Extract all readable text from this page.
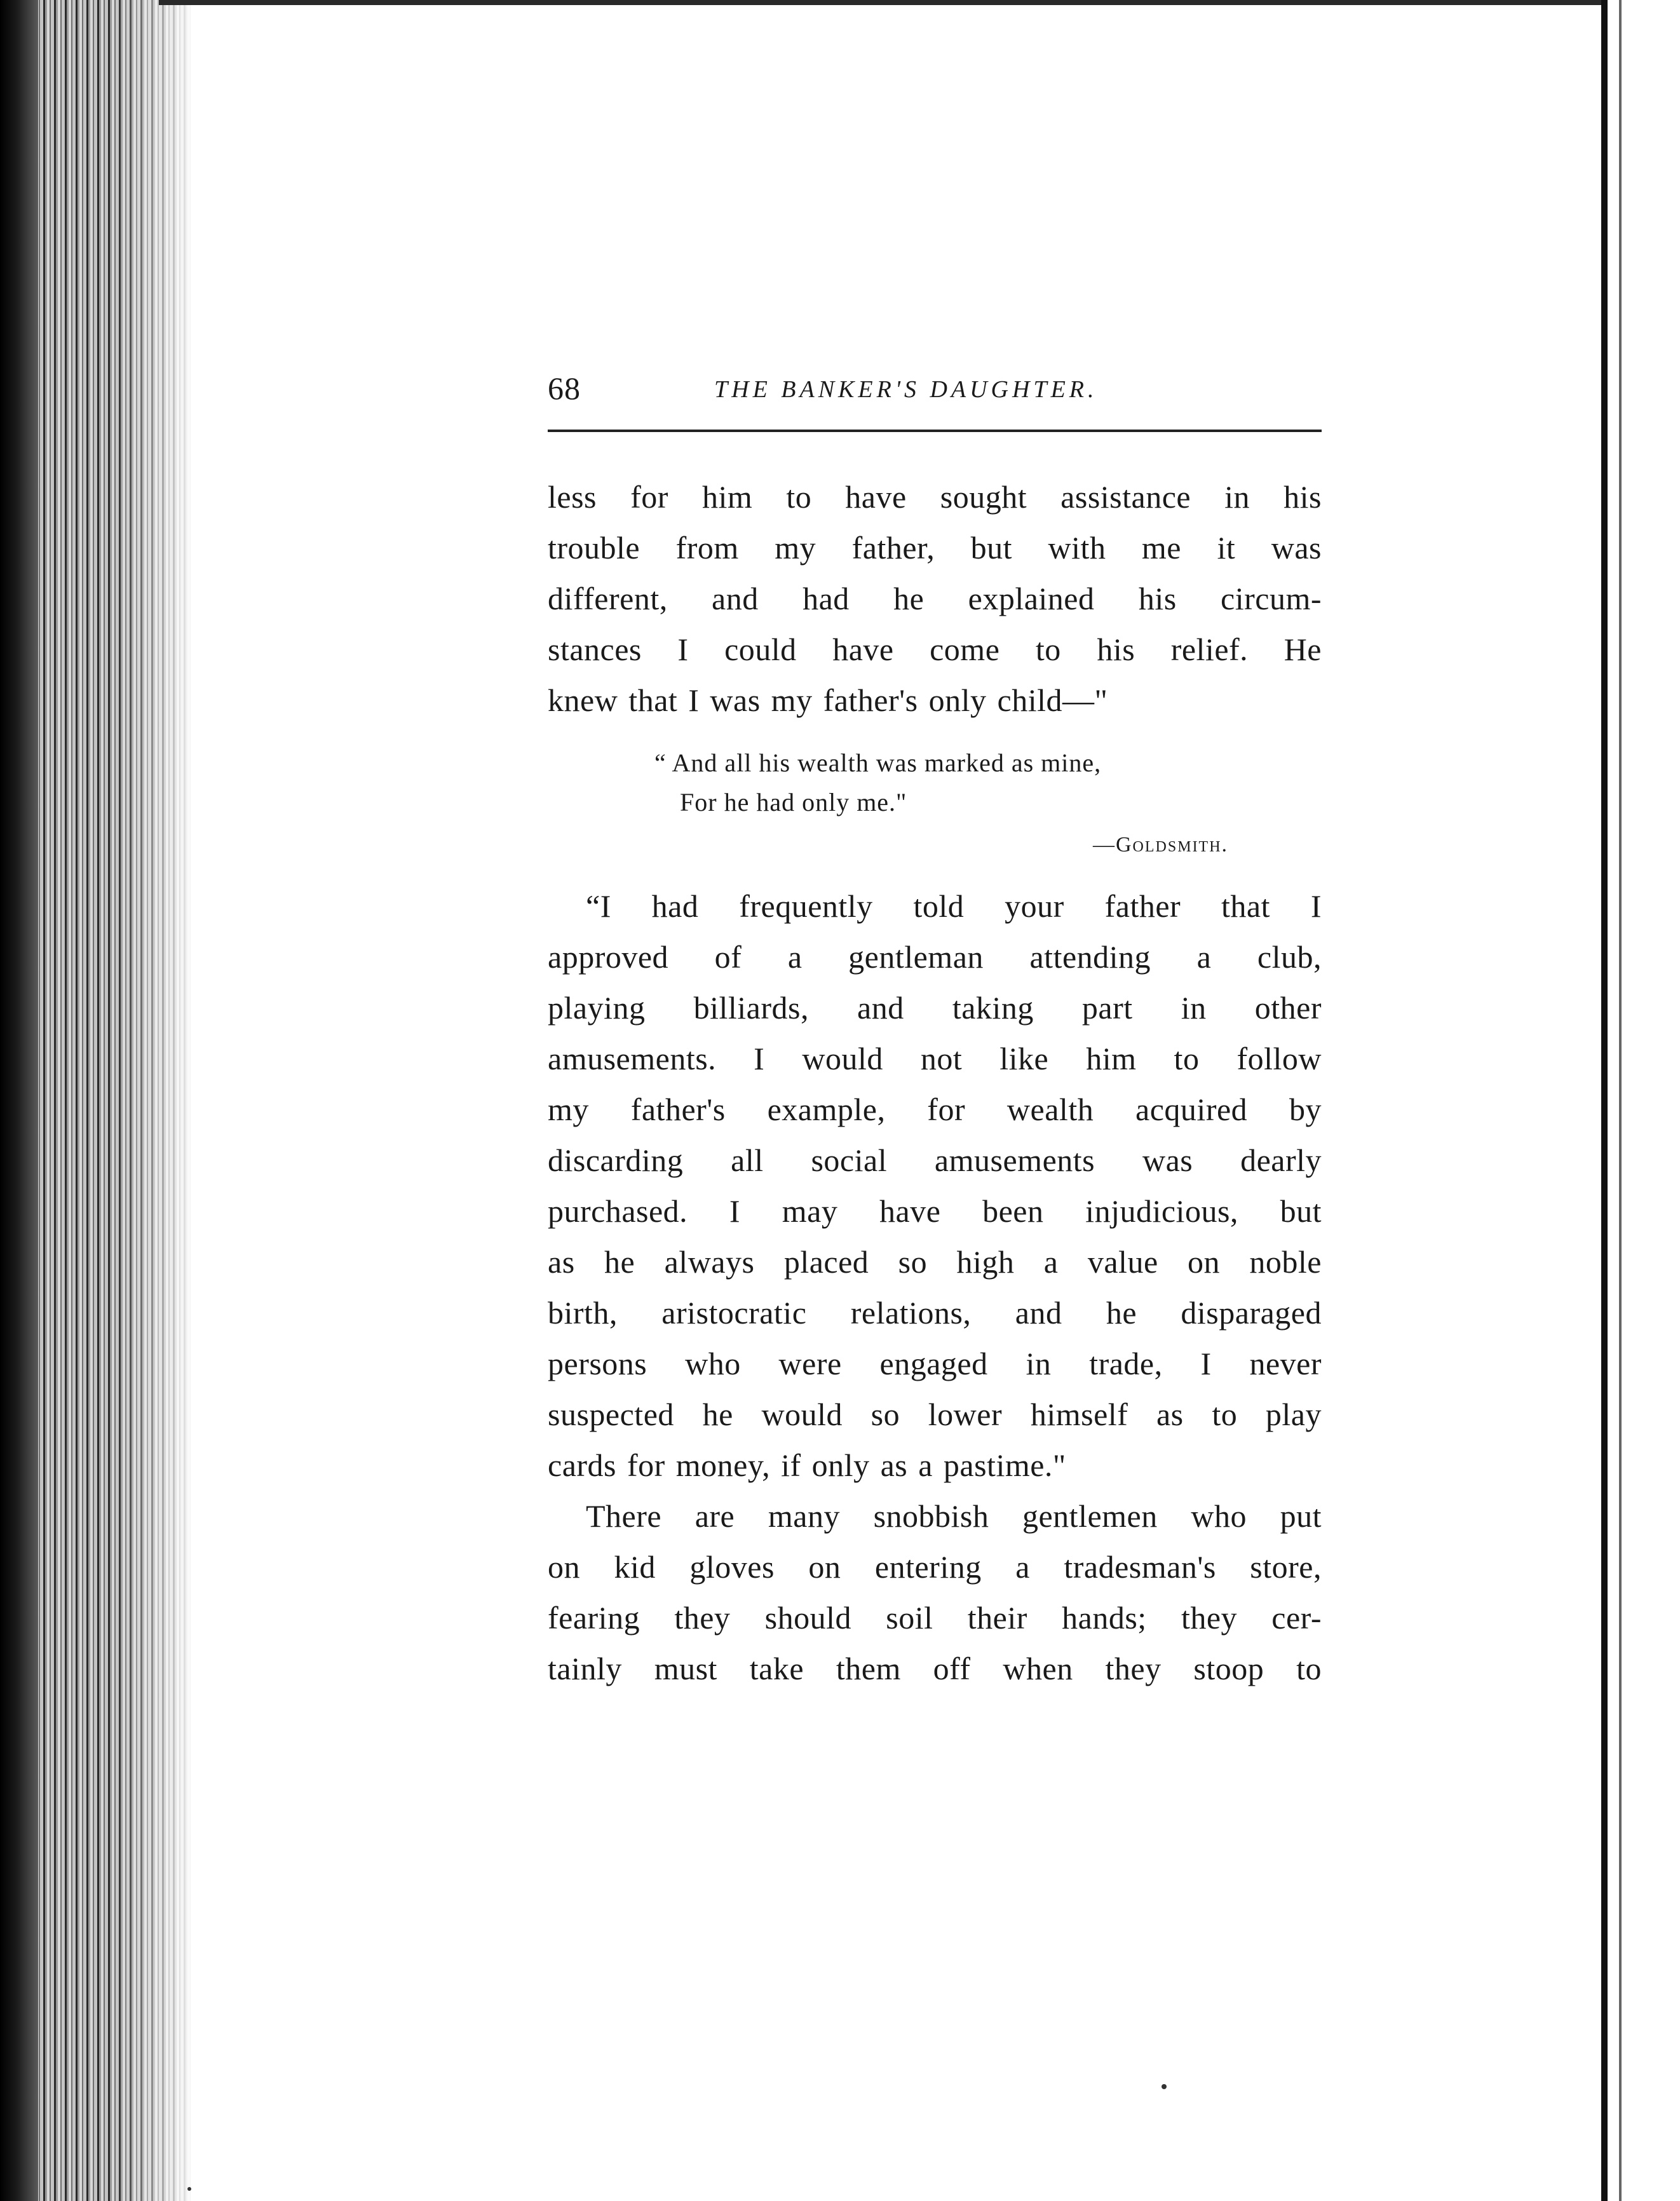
68	THE BANKER'S DAUGHTER.
less for him to have sought assistance in his
trouble from my father, but with me it was
different, and had he explained his circum-
stances I could have come to his relief. He
knew that I was my father's only child—"
“ And all his wealth was marked as mine,
For he had only me."
—Goldsmith.
“I had frequently told your father that I
approved of a gentleman attending a club,
playing billiards, and taking part in other
amusements. I would not like him to follow
my father's example, for wealth acquired by
discarding all social amusements was dearly
purchased. I may have been injudicious, but
as he always placed so high a value on noble
birth, aristocratic relations, and he disparaged
persons who were engaged in trade, I never
suspected he would so lower himself as to play
cards for money, if only as a pastime."
There are many snobbish gentlemen who put
on kid gloves on entering a tradesman's store,
fearing they should soil their hands; they cer-
tainly must take them off when they stoop to
